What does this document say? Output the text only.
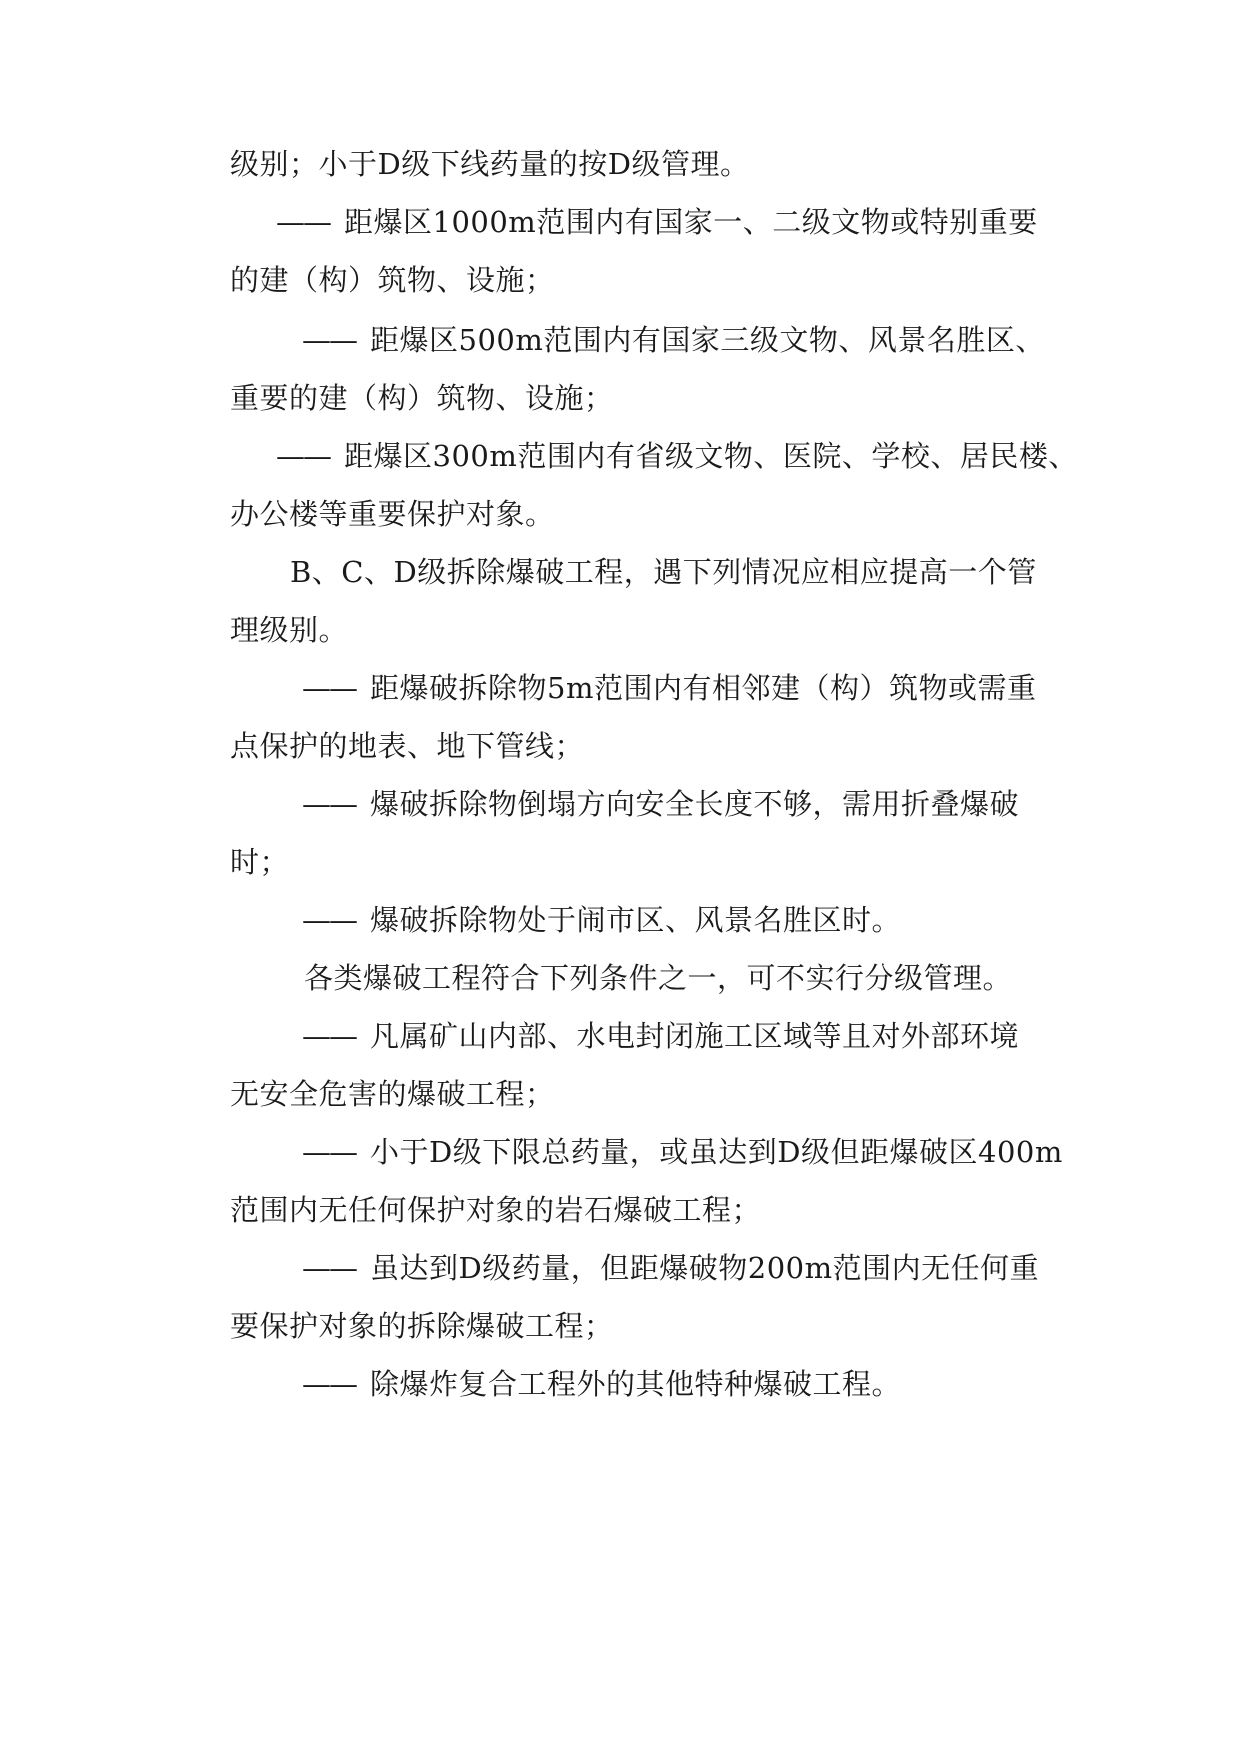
级别；小于D级下线药量的按D级管理。
—— 距爆区1000m范围内有国家一、二级文物或特别重要
的建（构）筑物、设施；
—— 距爆区500m范围内有国家三级文物、风景名胜区、
重要的建（构）筑物、设施；
—— 距爆区300m范围内有省级文物、医院、学校、居民楼、
办公楼等重要保护对象。
B、C、D级拆除爆破工程，遇下列情况应相应提高一个管
理级别。
—— 距爆破拆除物5m范围内有相邻建（构）筑物或需重
点保护的地表、地下管线；
—— 爆破拆除物倒塌方向安全长度不够，需用折叠爆破
时；
—— 爆破拆除物处于闹市区、风景名胜区时。
各类爆破工程符合下列条件之一，可不实行分级管理。
—— 凡属矿山内部、水电封闭施工区域等且对外部环境
无安全危害的爆破工程；
—— 小于D级下限总药量，或虽达到D级但距爆破区400m
范围内无任何保护对象的岩石爆破工程；
—— 虽达到D级药量，但距爆破物200m范围内无任何重
要保护对象的拆除爆破工程；
—— 除爆炸复合工程外的其他特种爆破工程。
